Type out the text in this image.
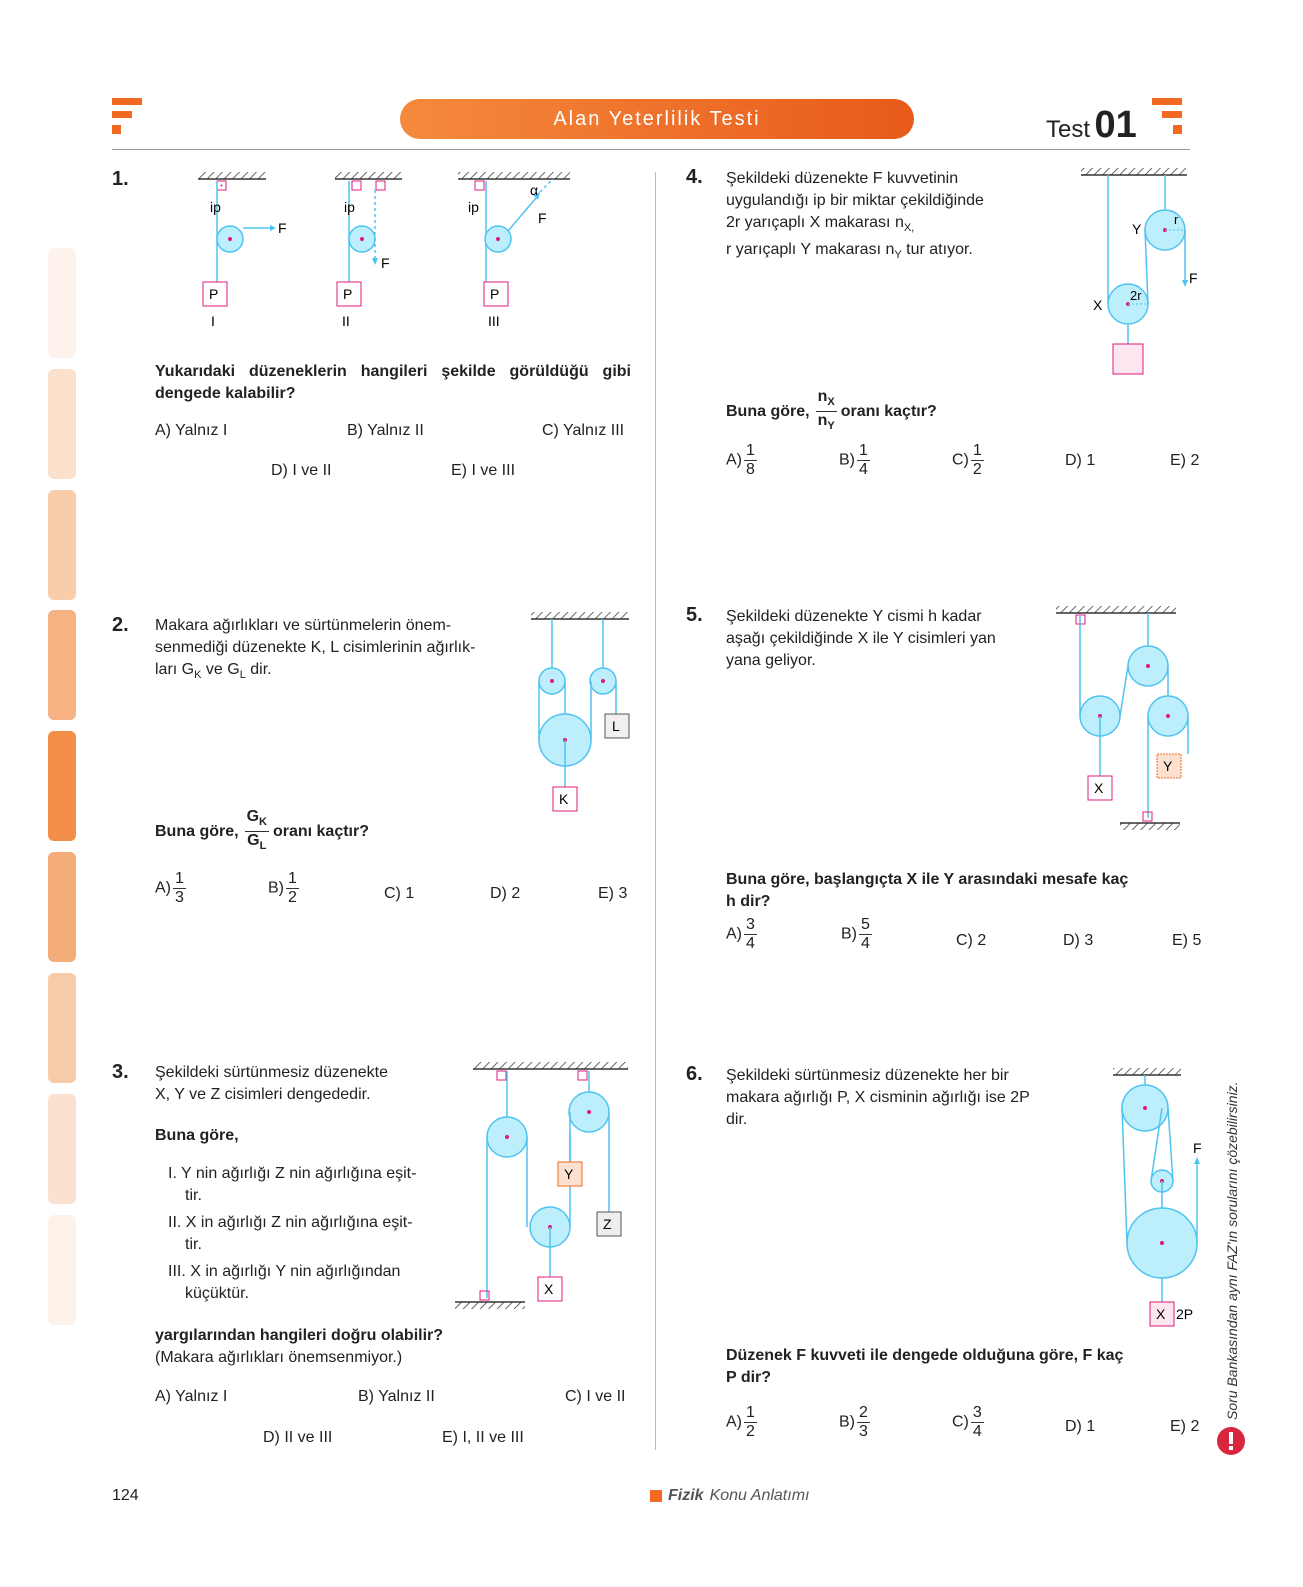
Alan Yeterlilik Testi	Test 01
1.
F
ip
P
I
F
ip
P
II
α
F
ip
P
III
Yukarıdaki düzeneklerin hangileri şekilde görüldüğü gibi dengede kalabilir?
A) Yalnız I	B) Yalnız II	C) Yalnız III
D) I ve II	E) I ve III
2. Makara ağırlıkları ve sürtünmelerin önem-
senmediği düzenekte K, L cisimlerinin ağırlık-
ları $G_K$ ve $G_L$ dir.
K
L
Buna göre, $\frac{G_K}{G_L}$ oranı kaçtır?
$A) \frac{1}{3}$	$B) \frac{1}{2}$	C) 1	D) 2	E) 3
3. Şekildeki sürtünmesiz düzenekte
X, Y ve Z cisimleri dengededir.
Buna göre,
I. Y nin ağırlığı Z nin ağırlığına eşit-
tir.
II. X in ağırlığı Z nin ağırlığına eşit-
tir.
III. X in ağırlığı Y nin ağırlığından
küçüktür.
Y
Z
X
yargılarından hangileri doğru olabilir?
(Makara ağırlıkları önemsenmiyor.)
A) Yalnız I	B) Yalnız II	C) I ve II
D) II ve III	E) I, II ve III
4. Şekildeki düzenekte F kuvvetinin
uygulandığı ip bir miktar çekildiğinde
2r yarıçaplı X makarası $n_{X,}$
r yarıçaplı Y makarası $n_Y$ tur atıyor.
r
Y
F
2r
X
Buna göre, $\frac{n_X}{n_Y}$ oranı kaçtır?
$A) \frac{1}{8}$	$B) \frac{1}{4}$	$C) \frac{1}{2}$	D) 1	E) 2
5. Şekildeki düzenekte Y cismi h kadar
aşağı çekildiğinde X ile Y cisimleri yan
yana geliyor.
X
Y
Buna göre, başlangıçta X ile Y arasındaki mesafe kaç
h dir?
$A) \frac{3}{4}$	$B) \frac{5}{4}$	C) 2	D) 3	E) 5
6. Şekildeki sürtünmesiz düzenekte her bir
makara ağırlığı P, X cisminin ağırlığı ise 2P
dir.
F
X 2P
Düzenek F kuvveti ile dengede olduğuna göre, F kaç
P dir?
$A) \frac{1}{2}$	$B) \frac{2}{3}$	$C) \frac{3}{4}$	D) 1	E) 2
Soru Bankasından aynı FAZ'ın sorularını çözebilirsiniz.
124	Fizik Konu Anlatımı
